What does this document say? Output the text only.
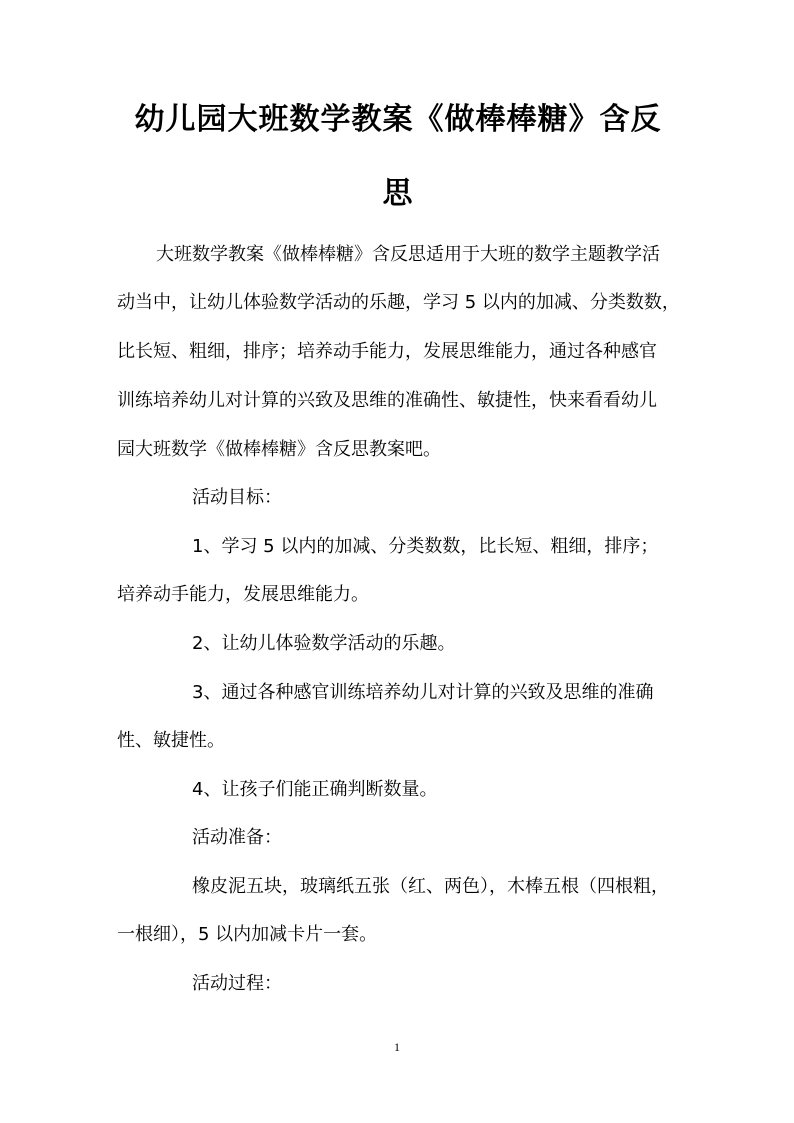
幼儿园大班数学教案《做棒棒糖》含反
思
大班数学教案《做棒棒糖》含反思适用于大班的数学主题教学活
动当中，让幼儿体验数学活动的乐趣，学习 5 以内的加减、分类数数，
比长短、粗细，排序；培养动手能力，发展思维能力，通过各种感官
训练培养幼儿对计算的兴致及思维的准确性、敏捷性，快来看看幼儿
园大班数学《做棒棒糖》含反思教案吧。
活动目标：
1、学习 5 以内的加减、分类数数，比长短、粗细，排序；
培养动手能力，发展思维能力。
2、让幼儿体验数学活动的乐趣。
3、通过各种感官训练培养幼儿对计算的兴致及思维的准确
性、敏捷性。
4、让孩子们能正确判断数量。
活动准备：
橡皮泥五块，玻璃纸五张（红、两色），木棒五根（四根粗，
一根细），5 以内加减卡片一套。
活动过程：
1
